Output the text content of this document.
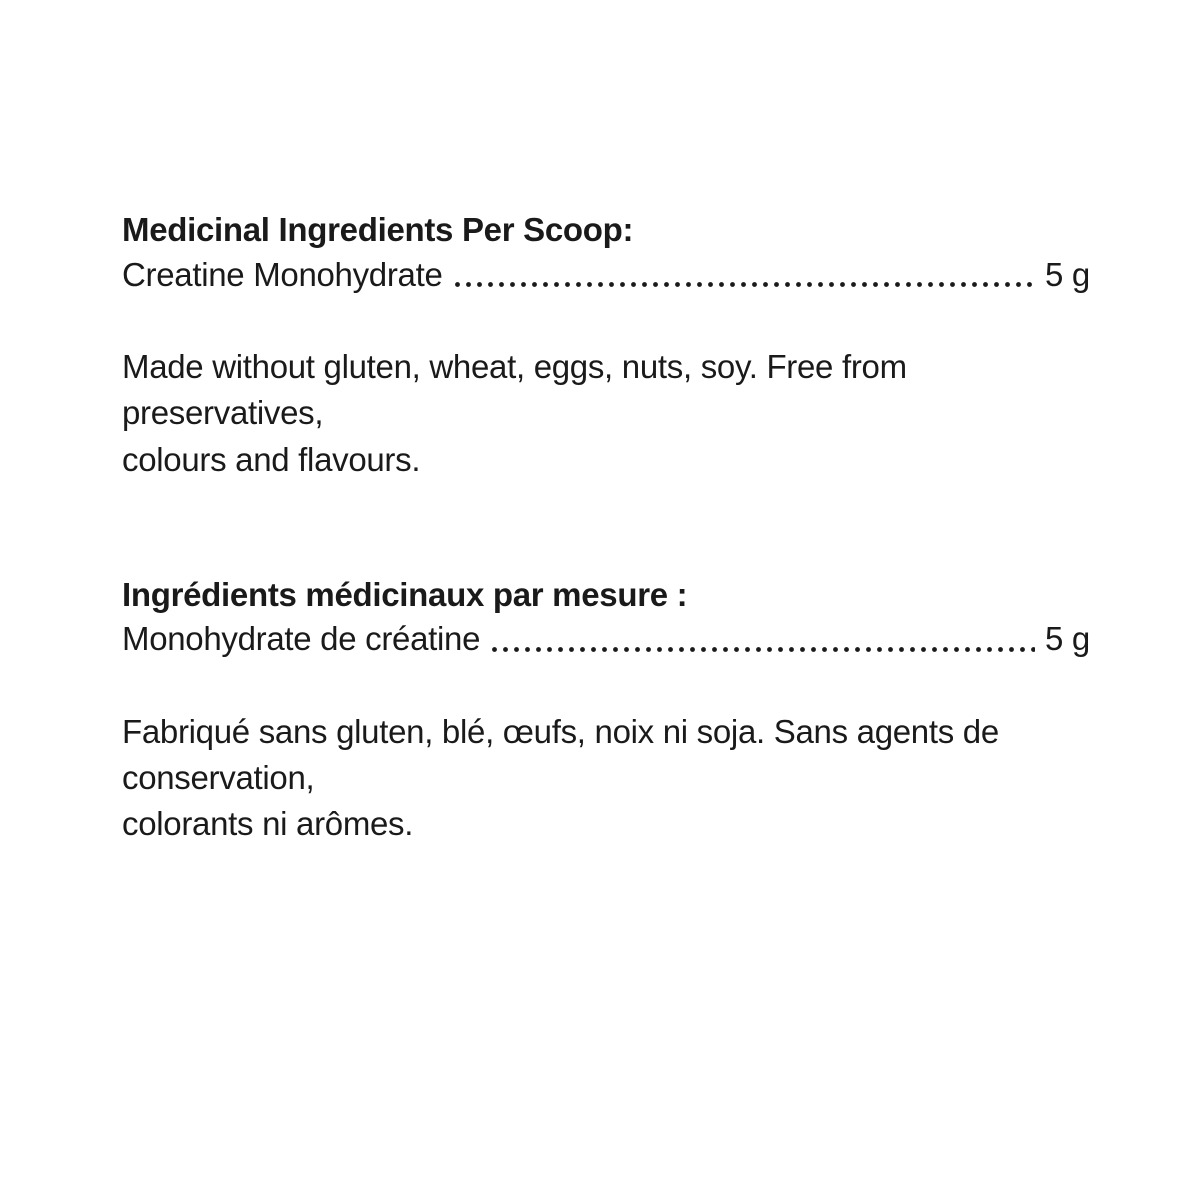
Medicinal Ingredients Per Scoop:

Creatine Monohydrate	5 g

Made without gluten, wheat, eggs, nuts, soy. Free from preservatives,
colours and flavours.

Ingrédients médicinaux par mesure :

Monohydrate de créatine	5 g

Fabriqué sans gluten, blé, œufs, noix ni soja. Sans agents de conservation,
colorants ni arômes.
